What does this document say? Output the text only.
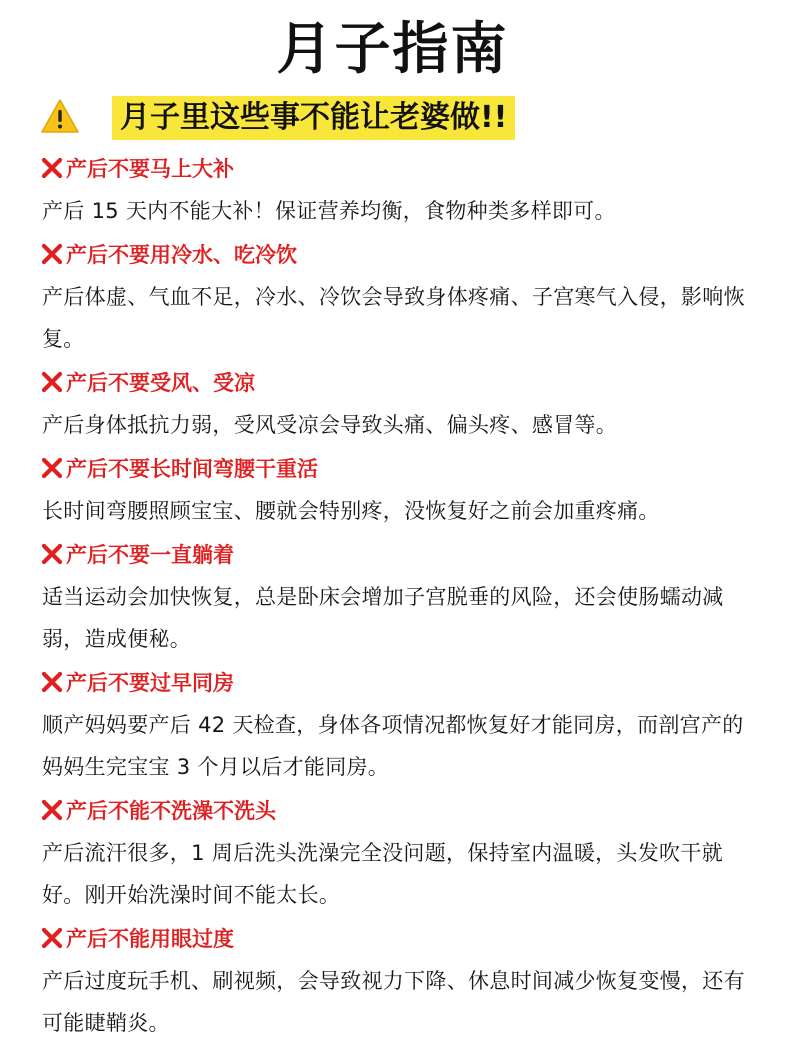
月子指南
月子里这些事不能让老婆做!!
产后不要马上大补

产后 15 天内不能大补！保证营养均衡，食物种类多样即可。

产后不要用冷水、吃冷饮

产后体虚、气血不足，冷水、冷饮会导致身体疼痛、子宫寒气入侵，影响恢复。

产后不要受风、受凉

产后身体抵抗力弱，受风受凉会导致头痛、偏头疼、感冒等。

产后不要长时间弯腰干重活

长时间弯腰照顾宝宝、腰就会特别疼，没恢复好之前会加重疼痛。

产后不要一直躺着

适当运动会加快恢复，总是卧床会增加子宫脱垂的风险，还会使肠蠕动减弱，造成便秘。

产后不要过早同房

顺产妈妈要产后 42 天检查，身体各项情况都恢复好才能同房，而剖宫产的妈妈生完宝宝 3 个月以后才能同房。

产后不能不洗澡不洗头

产后流汗很多，1 周后洗头洗澡完全没问题，保持室内温暖，头发吹干就好。刚开始洗澡时间不能太长。

产后不能用眼过度

产后过度玩手机、刷视频，会导致视力下降、休息时间减少恢复变慢，还有可能睫鞘炎。
